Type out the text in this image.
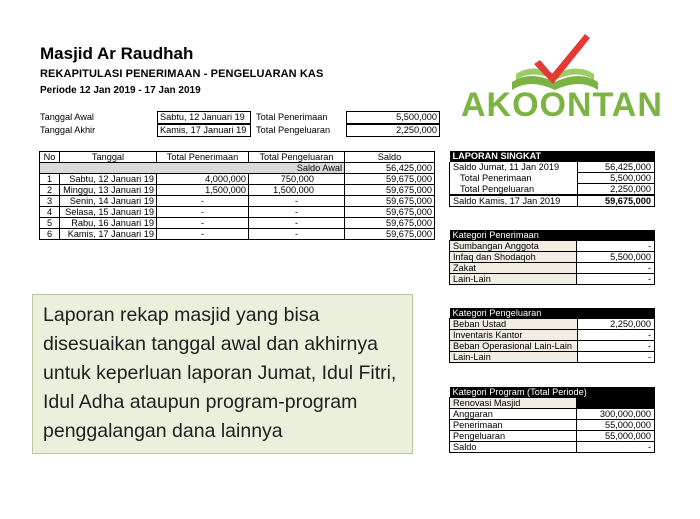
Masjid Ar Raudhah
REKAPITULASI PENERIMAAN - PENGELUARAN KAS
Periode 12 Jan 2019 - 17 Jan 2019	AKOONTAN
Tanggal Awal	Sabtu, 12 Januari 19
Tanggal Akhir	Kamis, 17 Januari 19
Total Penerimaan	5,500,000
Total Pengeluaran	2,250,000
No	Tanggal	Total Penerimaan	Total Pengeluaran	Saldo
Saldo Awal				56,425,000
1	Sabtu, 12 Januari 19	4,000,000	750,000	59,675,000
2	Minggu, 13 Januari 19	1,500,000	1,500,000	59,675,000
3	Senin, 14 Januari 19	-	-	59,675,000
4	Selasa, 15 Januari 19	-	-	59,675,000
5	Rabu, 16 Januari 19	-	-	59,675,000
6	Kamis, 17 Januari 19	-	-	59,675,000
LAPORAN SINGKAT	
Saldo Jumat, 11 Jan 2019	56,425,000
Total Penerimaan	5,500,000
Total Pengeluaran	2,250,000
Saldo Kamis, 17 Jan 2019	59,675,000
Kategori Penerimaan	
Sumbangan Anggota	-
Infaq dan Shodaqoh	5,500,000
Zakat	-
Lain-Lain	-
Kategori Pengeluaran	
Beban Ustad	2,250,000
Inventaris Kantor	-
Beban Operasional Lain-Lain	-
Lain-Lain	-
Kategori Program (Total Periode)	
Renovasi Masjid	
Anggaran	300,000,000
Penerimaan	55,000,000
Pengeluaran	55,000,000
Saldo	-
Laporan rekap masjid yang bisa disesuaikan tanggal awal dan akhirnya untuk keperluan laporan Jumat, Idul Fitri, Idul Adha ataupun program-program penggalangan dana lainnya
